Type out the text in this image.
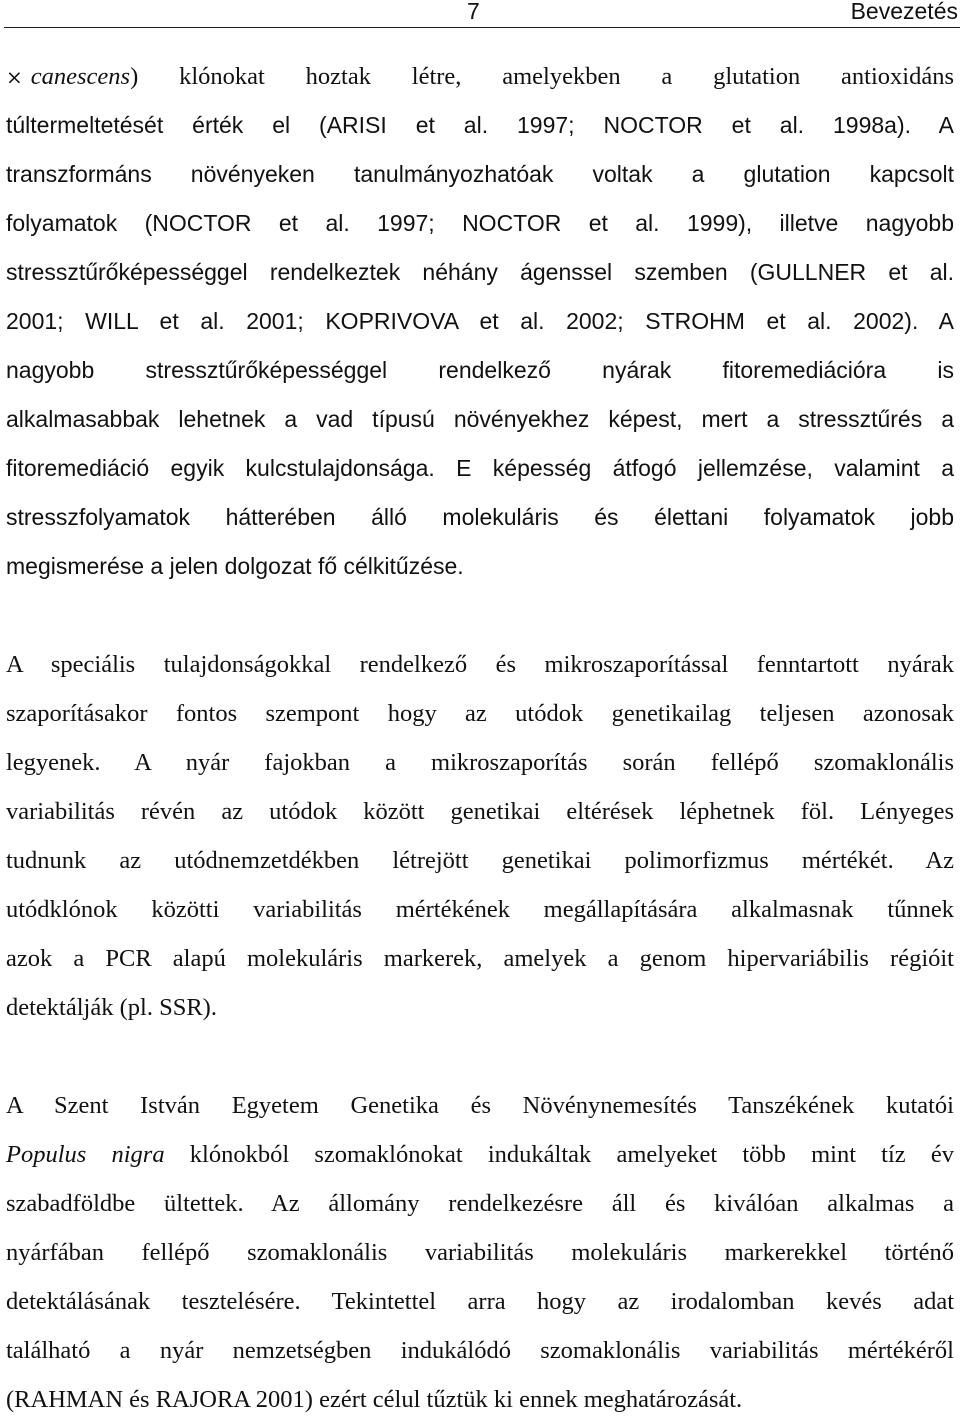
7	Bevezetés

× canescens) klónokat hoztak létre, amelyekben a glutation antioxidáns
túltermeltetését érték el (ARISI et al. 1997; NOCTOR et al. 1998a). A
transzformáns növényeken tanulmányozhatóak voltak a glutation kapcsolt
folyamatok (NOCTOR et al. 1997; NOCTOR et al. 1999), illetve nagyobb
stressztűrőképességgel rendelkeztek néhány ágenssel szemben (GULLNER et al.
2001; WILL et al. 2001; KOPRIVOVA et al. 2002; STROHM et al. 2002). A
nagyobb stressztűrőképességgel rendelkező nyárak fitoremediációra is
alkalmasabbak lehetnek a vad típusú növényekhez képest, mert a stressztűrés a
fitoremediáció egyik kulcstulajdonsága. E képesség átfogó jellemzése, valamint a
stresszfolyamatok hátterében álló molekuláris és élettani folyamatok jobb
megismerése a jelen dolgozat fő célkitűzése.

A speciális tulajdonságokkal rendelkező és mikroszaporítással fenntartott nyárak
szaporításakor fontos szempont hogy az utódok genetikailag teljesen azonosak
legyenek. A nyár fajokban a mikroszaporítás során fellépő szomaklonális
variabilitás révén az utódok között genetikai eltérések léphetnek föl. Lényeges
tudnunk az utódnemzetdékben létrejött genetikai polimorfizmus mértékét. Az
utódklónok közötti variabilitás mértékének megállapítására alkalmasnak tűnnek
azok a PCR alapú molekuláris markerek, amelyek a genom hipervariábilis régióit
detektálják (pl. SSR).

A Szent István Egyetem Genetika és Növénynemesítés Tanszékének kutatói
Populus nigra klónokból szomaklónokat indukáltak amelyeket több mint tíz év
szabadföldbe ültettek. Az állomány rendelkezésre áll és kiválóan alkalmas a
nyárfában fellépő szomaklonális variabilitás molekuláris markerekkel történő
detektálásának tesztelésére. Tekintettel arra hogy az irodalomban kevés adat
található a nyár nemzetségben indukálódó szomaklonális variabilitás mértékéről
(RAHMAN és RAJORA 2001) ezért célul tűztük ki ennek meghatározását.
